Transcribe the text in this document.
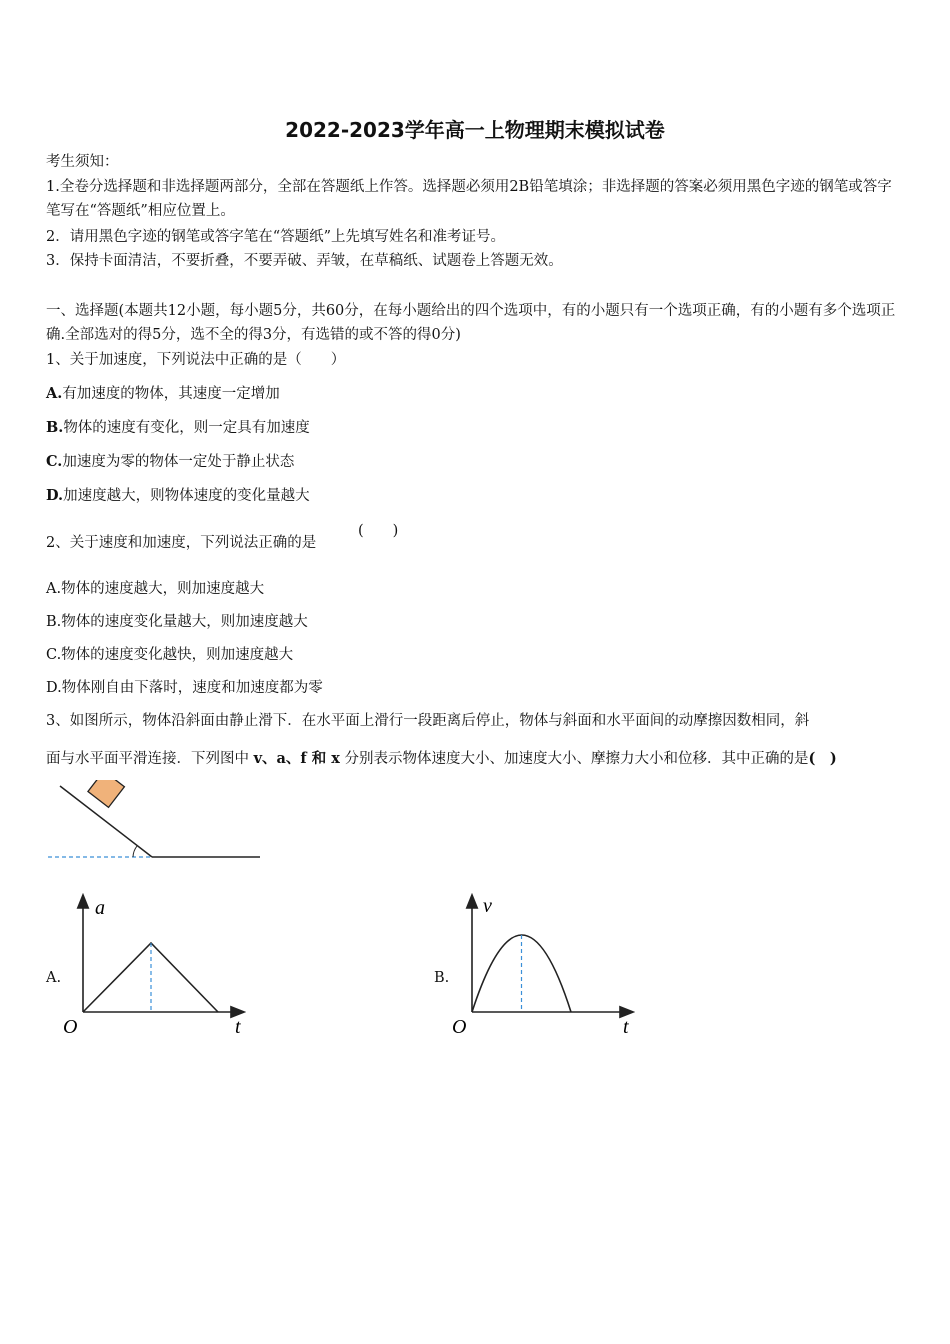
2022-2023学年高一上物理期末模拟试卷
考生须知：
1.全卷分选择题和非选择题两部分，全部在答题纸上作答。选择题必须用2B铅笔填涂；非选择题的答案必须用黑色字迹的钢笔或答字笔写在“答题纸”相应位置上。
2．请用黑色字迹的钢笔或答字笔在“答题纸”上先填写姓名和准考证号。
3．保持卡面清洁，不要折叠，不要弄破、弄皱，在草稿纸、试题卷上答题无效。
一、选择题(本题共12小题，每小题5分，共60分，在每小题给出的四个选项中，有的小题只有一个选项正确，有的小题有多个选项正确.全部选对的得5分，选不全的得3分，有选错的或不答的得0分)
1、关于加速度，下列说法中正确的是（　　）
A.有加速度的物体，其速度一定增加
B.物体的速度有变化，则一定具有加速度
C.加速度为零的物体一定处于静止状态
D.加速度越大，则物体速度的变化量越大
2、关于速度和加速度，下列说法正确的是
(　　)
A.物体的速度越大，则加速度越大
B.物体的速度变化量越大，则加速度越大
C.物体的速度变化越快，则加速度越大
D.物体刚自由下落时，速度和加速度都为零
3、如图所示，物体沿斜面由静止滑下．在水平面上滑行一段距离后停止，物体与斜面和水平面间的动摩擦因数相同，斜
面与水平面平滑连接．下列图中 v、a、f 和 x 分别表示物体速度大小、加速度大小、摩擦力大小和位移．其中正确的是(　)
A.
a
t
O
B.
v
t
O
